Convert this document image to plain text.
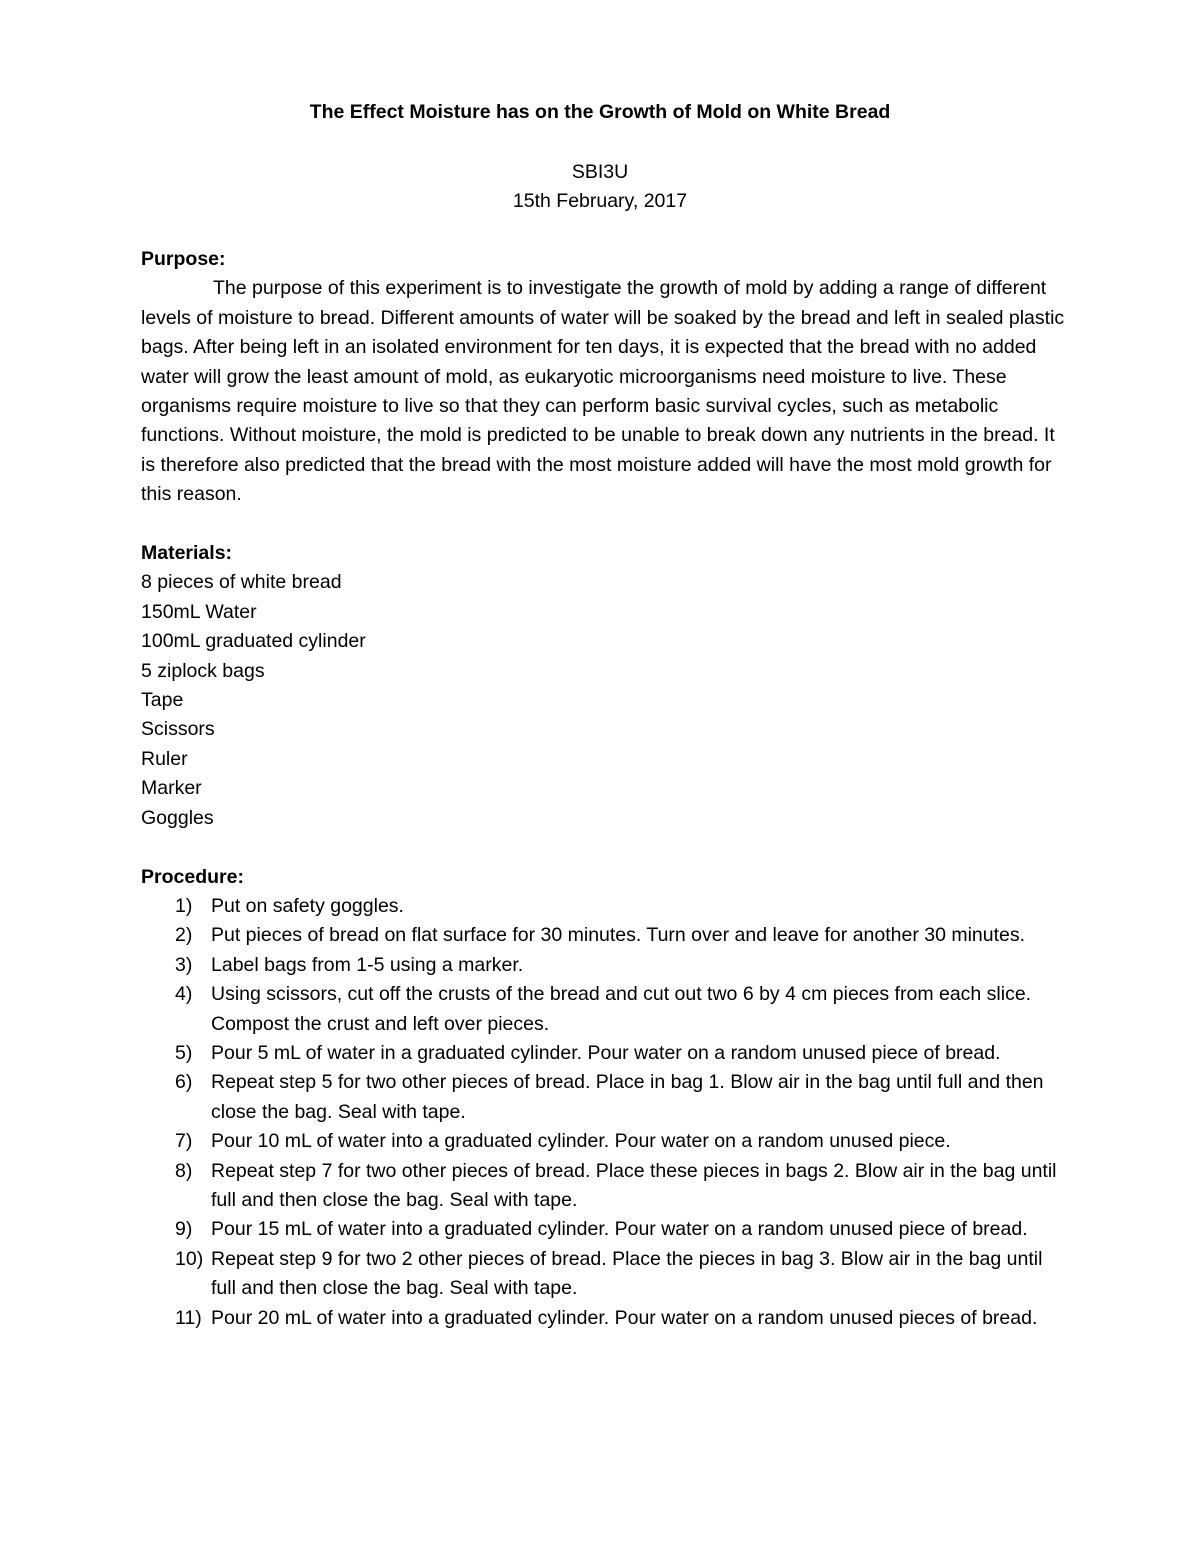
The Effect Moisture has on the Growth of Mold on White Bread
SBI3U
15th February, 2017

Purpose:

The purpose of this experiment is to investigate the growth of mold by adding a range of different levels of moisture to bread. Different amounts of water will be soaked by the bread and left in sealed plastic bags. After being left in an isolated environment for ten days, it is expected that the bread with no added water will grow the least amount of mold, as eukaryotic microorganisms need moisture to live. These organisms require moisture to live so that they can perform basic survival cycles, such as metabolic functions. Without moisture, the mold is predicted to be unable to break down any nutrients in the bread. It is therefore also predicted that the bread with the most moisture added will have the most mold growth for this reason.

Materials:

8 pieces of white bread
150mL Water
100mL graduated cylinder
5 ziplock bags
Tape
Scissors
Ruler
Marker
Goggles

Procedure:

1) Put on safety goggles.
2) Put pieces of bread on flat surface for 30 minutes. Turn over and leave for another 30 minutes.
3) Label bags from 1-5 using a marker.
4) Using scissors, cut off the crusts of the bread and cut out two 6 by 4 cm pieces from each slice. Compost the crust and left over pieces.
5) Pour 5 mL of water in a graduated cylinder. Pour water on a random unused piece of bread.
6) Repeat step 5 for two other pieces of bread. Place in bag 1. Blow air in the bag until full and then close the bag. Seal with tape.
7) Pour 10 mL of water into a graduated cylinder. Pour water on a random unused piece.
8) Repeat step 7 for two other pieces of bread. Place these pieces in bags 2. Blow air in the bag until full and then close the bag. Seal with tape.
9) Pour 15 mL of water into a graduated cylinder. Pour water on a random unused piece of bread.
10) Repeat step 9 for two 2 other pieces of bread. Place the pieces in bag 3. Blow air in the bag until full and then close the bag. Seal with tape.
11) Pour 20 mL of water into a graduated cylinder. Pour water on a random unused pieces of bread.
